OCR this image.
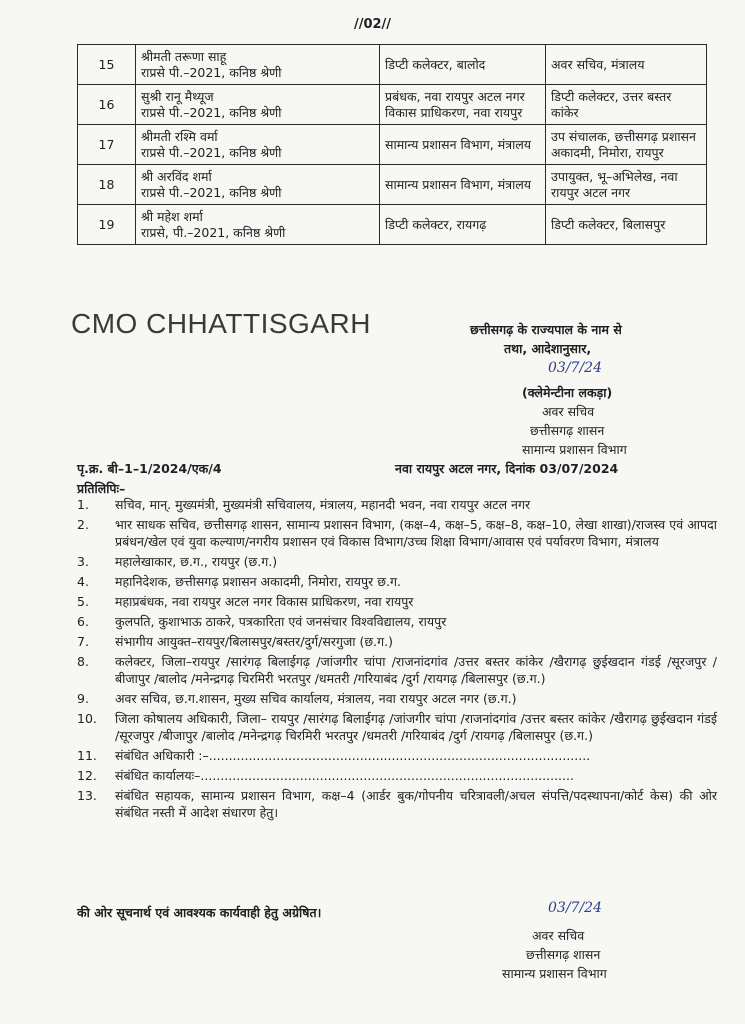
//02//
15	श्रीमती तरूणा साहू
राप्रसे पी.–2021, कनिष्ठ श्रेणी	डिप्टी कलेक्टर, बालोद	अवर सचिव, मंत्रालय

16	सुश्री रानू मैथ्यूज
राप्रसे पी.–2021, कनिष्ठ श्रेणी	प्रबंधक, नवा रायपुर अटल नगर विकास प्राधिकरण, नवा रायपुर	डिप्टी कलेक्टर, उत्तर बस्तर कांकेर

17	श्रीमती रश्मि वर्मा
राप्रसे पी.–2021, कनिष्ठ श्रेणी	सामान्य प्रशासन विभाग, मंत्रालय	उप संचालक, छत्तीसगढ़ प्रशासन अकादमी, निमोरा, रायपुर

18	श्री अरविंद शर्मा
राप्रसे पी.–2021, कनिष्ठ श्रेणी	सामान्य प्रशासन विभाग, मंत्रालय	उपायुक्त, भू–अभिलेख, नवा रायपुर अटल नगर

19	श्री महेश शर्मा
राप्रसे, पी.–2021, कनिष्ठ श्रेणी	डिप्टी कलेक्टर, रायगढ़	डिप्टी कलेक्टर, बिलासपुर
CMO CHHATTISGARH	छत्तीसगढ़ के राज्यपाल के नाम से
तथा, आदेशानुसार,
03/7/24
(क्लेमेन्टीना लकड़ा)
अवर सचिव
छत्तीसगढ़ शासन
सामान्य प्रशासन विभाग
पृ.क्र. बी–1–1/2024/एक/4	नवा रायपुर अटल नगर, दिनांक 03/07/2024
प्रतिलिपिः–
1.	सचिव, मान्. मुख्यमंत्री, मुख्यमंत्री सचिवालय, मंत्रालय, महानदी भवन, नवा रायपुर अटल नगर
2.	भार साधक सचिव, छत्तीसगढ़ शासन, सामान्य प्रशासन विभाग, (कक्ष–4, कक्ष–5, कक्ष–8, कक्ष–10, लेखा शाखा)/राजस्व एवं आपदा प्रबंधन/खेल एवं युवा कल्याण/नगरीय प्रशासन एवं विकास विभाग/उच्च शिक्षा विभाग/आवास एवं पर्यावरण विभाग, मंत्रालय
3.	महालेखाकार, छ.ग., रायपुर (छ.ग.)
4.	महानिदेशक, छत्तीसगढ़ प्रशासन अकादमी, निमोरा, रायपुर छ.ग.
5.	महाप्रबंधक, नवा रायपुर अटल नगर विकास प्राधिकरण, नवा रायपुर
6.	कुलपति, कुशाभाऊ ठाकरे, पत्रकारिता एवं जनसंचार विश्वविद्यालय, रायपुर
7.	संभागीय आयुक्त–रायपुर/बिलासपुर/बस्तर/दुर्ग/सरगुजा (छ.ग.)
8.	कलेक्टर, जिला–रायपुर /सारंगढ़ बिलाईगढ़ /जांजगीर चांपा /राजनांदगांव /उत्तर बस्तर कांकेर /खैरागढ़ छुईखदान गंडई /सूरजपुर /बीजापुर /बालोद /मनेन्द्रगढ़ चिरमिरी भरतपुर /धमतरी /गरियाबंद /दुर्ग /रायगढ़ /बिलासपुर (छ.ग.)
9.	अवर सचिव, छ.ग.शासन, मुख्य सचिव कार्यालय, मंत्रालय, नवा रायपुर अटल नगर (छ.ग.)
10.	जिला कोषालय अधिकारी, जिला– रायपुर /सारंगढ़ बिलाईगढ़ /जांजगीर चांपा /राजनांदगांव /उत्तर बस्तर कांकेर /खैरागढ़ छुईखदान गंडई /सूरजपुर /बीजापुर /बालोद /मनेन्द्रगढ़ चिरमिरी भरतपुर /धमतरी /गरियाबंद /दुर्ग /रायगढ़ /बिलासपुर (छ.ग.)
11.	संबंधित अधिकारी :–................................................................................................
12.	संबंधित कार्यालयः–..............................................................................................
13.	संबंधित सहायक, सामान्य प्रशासन विभाग, कक्ष–4 (आर्डर बुक/गोपनीय चरित्रावली/अचल संपत्ति/पदस्थापना/कोर्ट केस) की ओर संबंधित नस्ती में आदेश संधारण हेतु।
की ओर सूचनार्थ एवं आवश्यक कार्यवाही हेतु अग्रेषित।	03/7/24
अवर सचिव
छत्तीसगढ़ शासन
सामान्य प्रशासन विभाग
